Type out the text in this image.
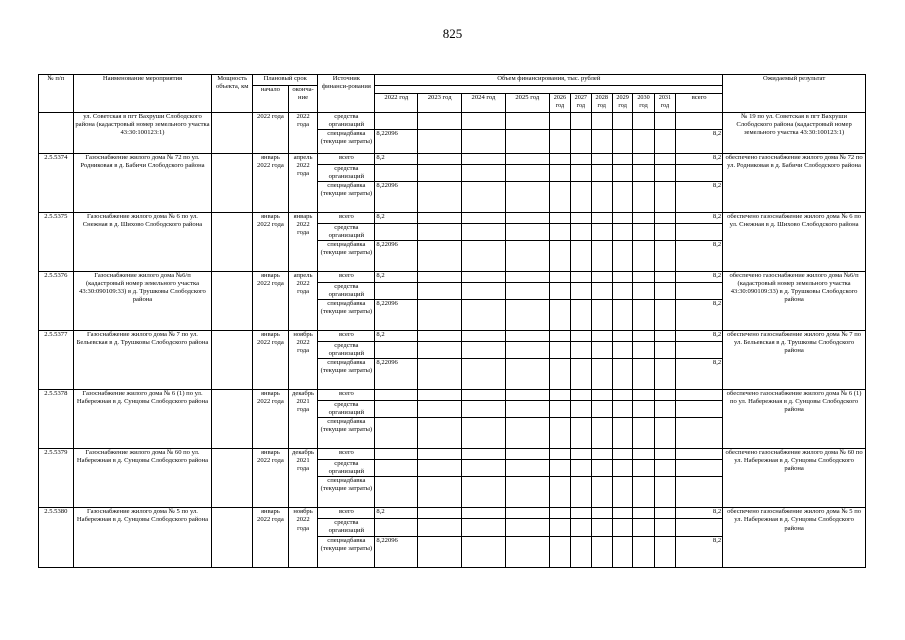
825
№ п/п	Наименование мероприятия	Мощность объекта, км	Плановый срок		Источник финанси-рования	Объем финансирования, тыс. рублей											Ожидаемый результат
			начало	оконча-ние													
						2022 год	2023 год	2024 год	2025 год	2026 год	2027 год	2028 год	2029 год	2030 год	2031 год	всего	
	ул. Советская в пгт Вахруши Слободского района (кадастровый номер земельного участка 43:30:100123:1)		2022 года	2022 года	средства организаций												№ 19 по ул. Советская в пгт Вахруши Слободского района (кадастровый номер земельного участка 43:30:100123:1)
					спецнадбавка (текущие затраты)	8,22096										8,2	
2.5.5374	Газоснабжение жилого дома № 72 по ул. Родниковая в д. Бабичи Слободского района		январь 2022 года	апрель 2022 года	всего	8,2										8,2	обеспечено газоснабжение жилого дома № 72 по ул. Родниковая в д. Бабичи Слободского района
					средства организаций												
					спецнадбавка (текущие затраты)	8,22096										8,2	
2.5.5375	Газоснабжение жилого дома № 6 по ул. Снежная в д. Шихово Слободского района		январь 2022 года	январь 2022 года	всего	8,2										8,2	обеспечено газоснабжение жилого дома № 6 по ул. Снежная в д. Шихово Слободского района
					средства организаций												
					спецнадбавка (текущие затраты)	8,22096										8,2	
2.5.5376	Газоснабжение жилого дома №6/п (кадастровый номер земельного участка 43:30:090109:33) в д. Трушковы Слободского района		январь 2022 года	апрель 2022 года	всего	8,2										8,2	обеспечено газоснабжение жилого дома №6/п (кадастровый номер земельного участка 43:30:090109:33) в д. Трушковы Слободского района
					средства организаций												
					спецнадбавка (текущие затраты)	8,22096										8,2	
2.5.5377	Газоснабжение жилого дома № 7 по ул. Бельевская в д. Трушковы Слободского района		январь 2022 года	ноябрь 2022 года	всего	8,2										8,2	обеспечено газоснабжение жилого дома № 7 по ул. Бельевская в д. Трушковы Слободского района
					средства организаций												
					спецнадбавка (текущие затраты)	8,22096										8,2	
2.5.5378	Газоснабжение жилого дома № 6 (1) по ул. Набережная в д. Сунцовы Слободского района		январь 2022 года	декабрь 2021 года	всего												обеспечено газоснабжение жилого дома № 6 (1) по ул. Набережная в д. Сунцовы Слободского района
					средства организаций												
					спецнадбавка (текущие затраты)												
2.5.5379	Газоснабжение жилого дома № 60 по ул. Набережная в д. Сунцовы Слободского района		январь 2022 года	декабрь 2021 года	всего												обеспечено газоснабжение жилого дома № 60 по ул. Набережная в д. Сунцовы Слободского района
					средства организаций												
					спецнадбавка (текущие затраты)												
2.5.5380	Газоснабжение жилого дома № 5 по ул. Набережная в д. Сунцовы Слободского района		январь 2022 года	ноябрь 2022 года	всего	8,2										8,2	обеспечено газоснабжение жилого дома № 5 по ул. Набережная в д. Сунцовы Слободского района
					средства организаций												
					спецнадбавка (текущие затраты)	8,22096										8,2	
